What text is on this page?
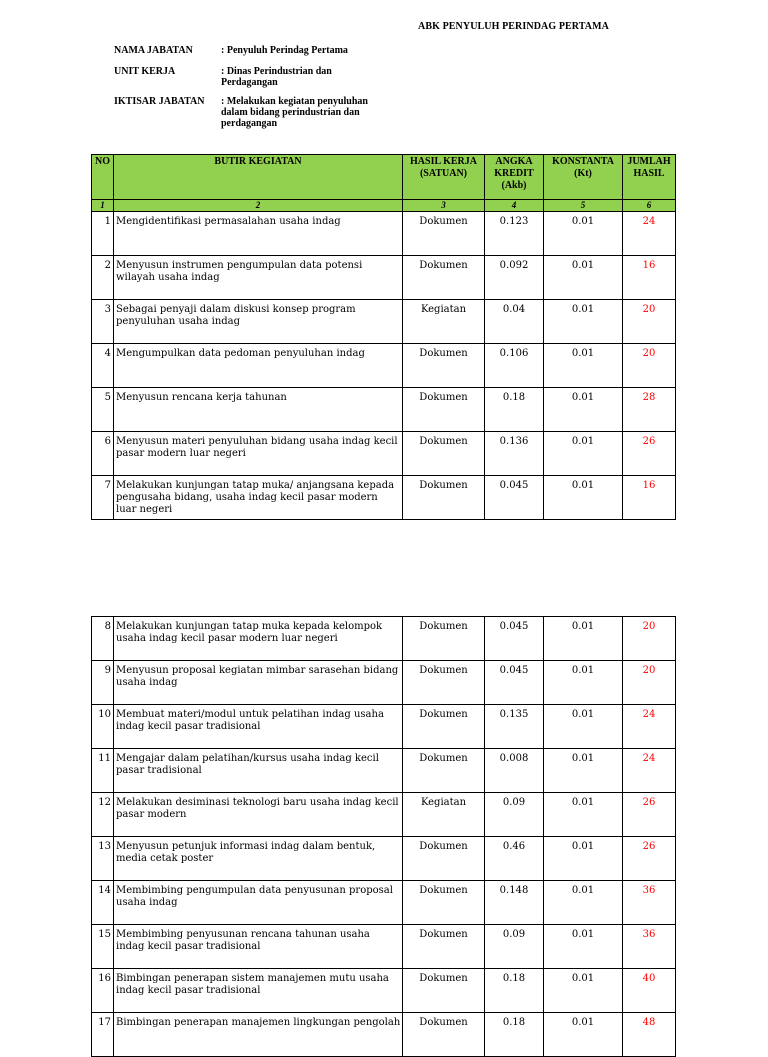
ABK PENYULUH PERINDAG PERTAMA
NAMA JABATAN	: Penyuluh Perindag Pertama
UNIT KERJA	: Dinas Perindustrian dan Perdagangan
IKTISAR JABATAN	: Melakukan kegiatan penyuluhan dalam bidang perindustrian dan perdagangan
NO	BUTIR KEGIATAN	HASIL KERJA (SATUAN)	ANGKA KREDIT (Akb)	KONSTANTA (Kt)	JUMLAH HASIL
1	2	3	4	5	6
1	Mengidentifikasi permasalahan usaha indag	Dokumen	0.123	0.01	24
2	Menyusun instrumen pengumpulan data potensi wilayah usaha indag	Dokumen	0.092	0.01	16
3	Sebagai penyaji dalam diskusi konsep program penyuluhan usaha indag	Kegiatan	0.04	0.01	20
4	Mengumpulkan data pedoman penyuluhan indag	Dokumen	0.106	0.01	20
5	Menyusun rencana kerja tahunan	Dokumen	0.18	0.01	28
6	Menyusun materi penyuluhan bidang usaha indag kecil pasar modern luar negeri	Dokumen	0.136	0.01	26
7	Melakukan kunjungan tatap muka/ anjangsana kepada pengusaha bidang, usaha indag kecil pasar modern luar negeri	Dokumen	0.045	0.01	16
8	Melakukan kunjungan tatap muka kepada kelompok usaha indag kecil pasar modern luar negeri	Dokumen	0.045	0.01	20
9	Menyusun proposal kegiatan mimbar sarasehan bidang usaha indag	Dokumen	0.045	0.01	20
10	Membuat materi/modul untuk pelatihan indag usaha indag kecil pasar tradisional	Dokumen	0.135	0.01	24
11	Mengajar dalam pelatihan/kursus usaha indag kecil pasar tradisional	Dokumen	0.008	0.01	24
12	Melakukan desiminasi teknologi baru usaha indag kecil pasar modern	Kegiatan	0.09	0.01	26
13	Menyusun petunjuk informasi indag dalam bentuk, media cetak poster	Dokumen	0.46	0.01	26
14	Membimbing pengumpulan data penyusunan proposal usaha indag	Dokumen	0.148	0.01	36
15	Membimbing penyusunan rencana tahunan usaha indag kecil pasar tradisional	Dokumen	0.09	0.01	36
16	Bimbingan penerapan sistem manajemen mutu usaha indag kecil pasar tradisional	Dokumen	0.18	0.01	40
17	Bimbingan penerapan manajemen lingkungan pengolah	Dokumen	0.18	0.01	48
